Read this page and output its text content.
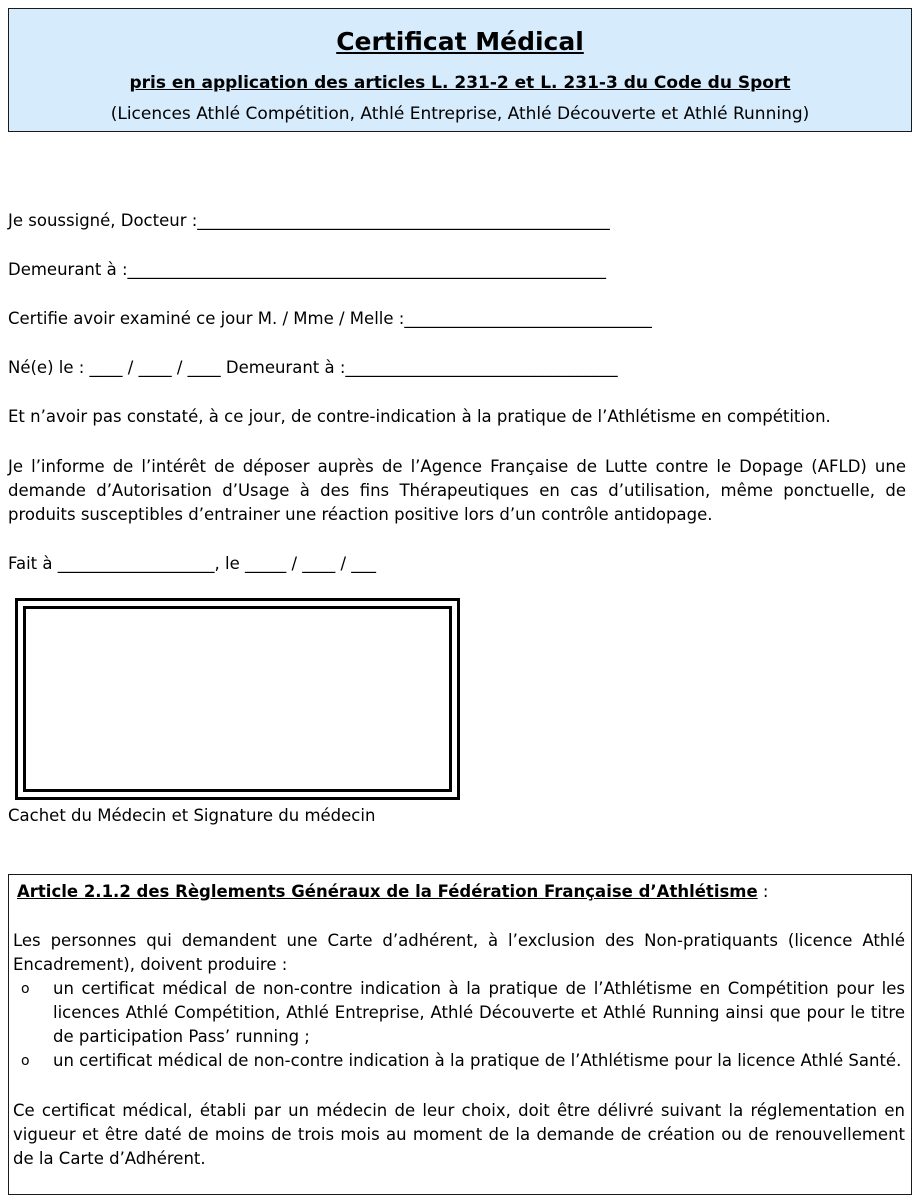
Certificat Médical
pris en application des articles L. 231-2 et L. 231-3 du Code du Sport
(Licences Athlé Compétition, Athlé Entreprise, Athlé Découverte et Athlé Running)
Je soussigné, Docteur :__________________________________________________
Demeurant à :__________________________________________________________
Certifie avoir examiné ce jour M. / Mme / Melle :______________________________
Né(e) le : ____ / ____ / ____ Demeurant à :_________________________________
Et n’avoir pas constaté, à ce jour, de contre-indication à la pratique de l’Athlétisme en compétition.
Je l’informe de l’intérêt de déposer auprès de l’Agence Française de Lutte contre le Dopage (AFLD) une demande d’Autorisation d’Usage à des fins Thérapeutiques en cas d’utilisation, même ponctuelle, de produits susceptibles d’entrainer une réaction positive lors d’un contrôle antidopage.
Fait à ___________________, le _____ / ____ / ___
Cachet du Médecin et Signature du médecin
Article 2.1.2 des Règlements Généraux de la Fédération Française d’Athlétisme :
Les personnes qui demandent une Carte d’adhérent, à l’exclusion des Non-pratiquants (licence Athlé Encadrement), doivent produire :
o un certificat médical de non-contre indication à la pratique de l’Athlétisme en Compétition pour les licences Athlé Compétition, Athlé Entreprise, Athlé Découverte et Athlé Running ainsi que pour le titre de participation Pass’ running ;
o un certificat médical de non-contre indication à la pratique de l’Athlétisme pour la licence Athlé Santé.
Ce certificat médical, établi par un médecin de leur choix, doit être délivré suivant la réglementation en vigueur et être daté de moins de trois mois au moment de la demande de création ou de renouvellement de la Carte d’Adhérent.
